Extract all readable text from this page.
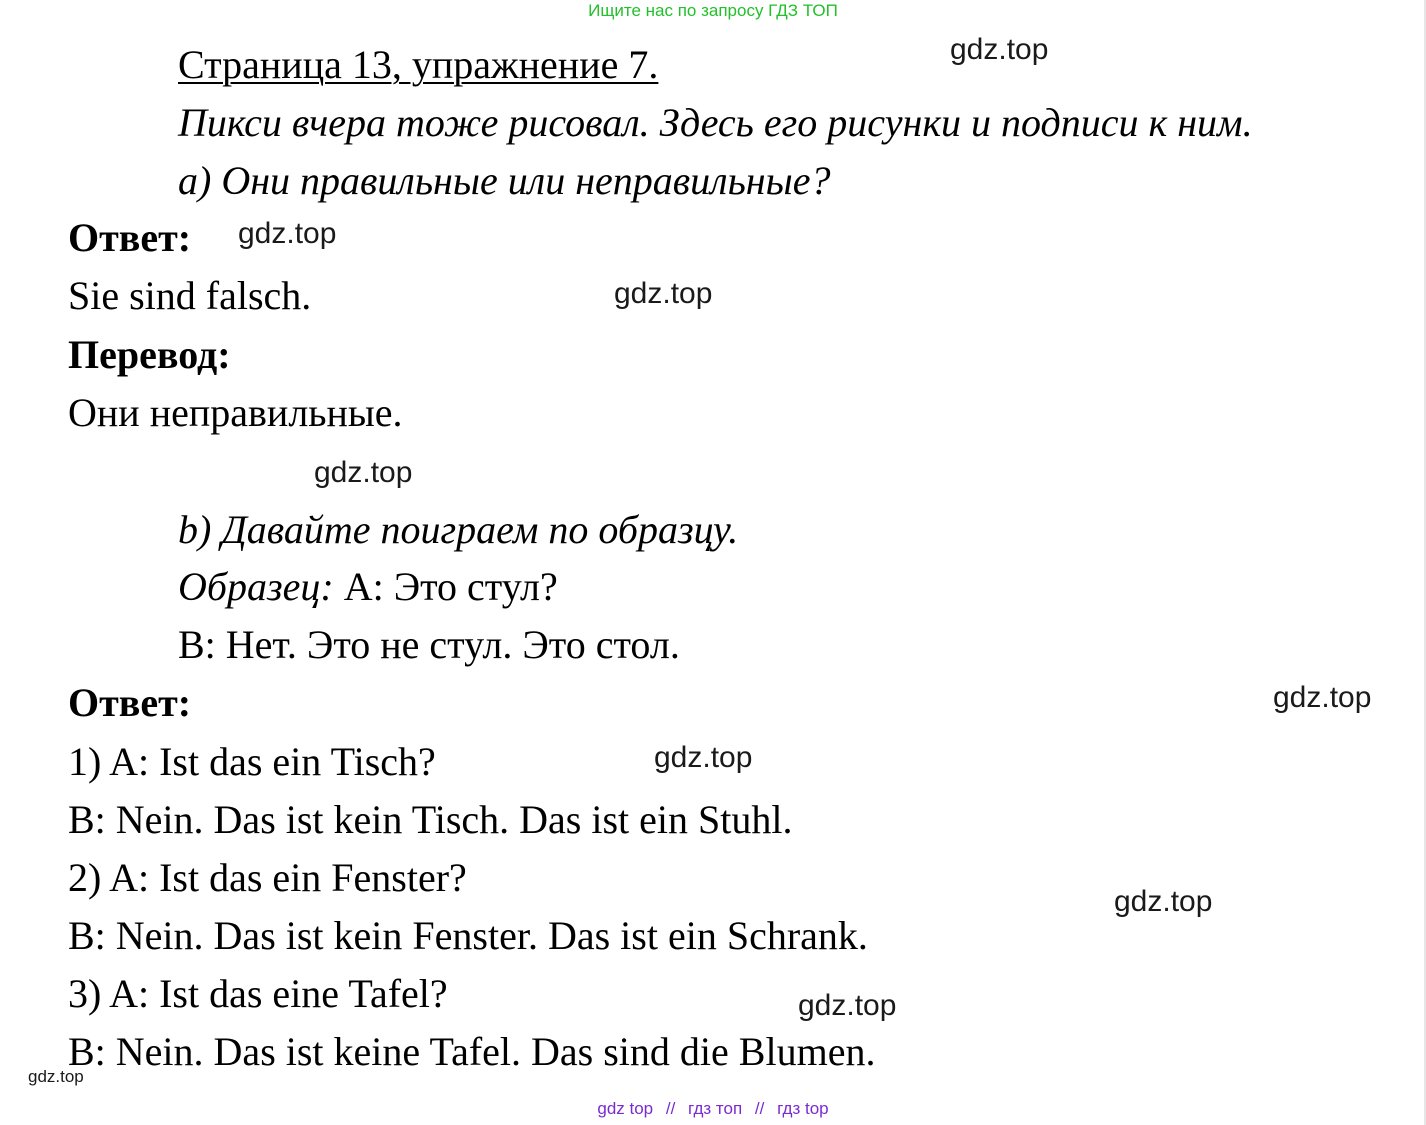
Ищите нас по запросу ГДЗ ТОП
Страница 13, упражнение 7.
Пикси вчера тоже рисовал. Здесь его рисунки и подписи к ним.
а) Они правильные или неправильные?
Ответ:
Sie sind falsch.
Перевод:
Они неправильные.
b) Давайте поиграем по образцу.
Образец: A: Это стул?
B: Нет. Это не стул. Это стол.
Ответ:
1) A: Ist das ein Tisch?
B: Nein. Das ist kein Tisch. Das ist ein Stuhl.
2) A: Ist das ein Fenster?
B: Nein. Das ist kein Fenster. Das ist ein Schrank.
3) A: Ist das eine Tafel?
B: Nein. Das ist keine Tafel. Das sind die Blumen.
gdz.top
gdz.top
gdz.top
gdz.top
gdz.top
gdz.top
gdz.top
gdz.top
gdz.top
gdz top // гдз топ // гдз top
